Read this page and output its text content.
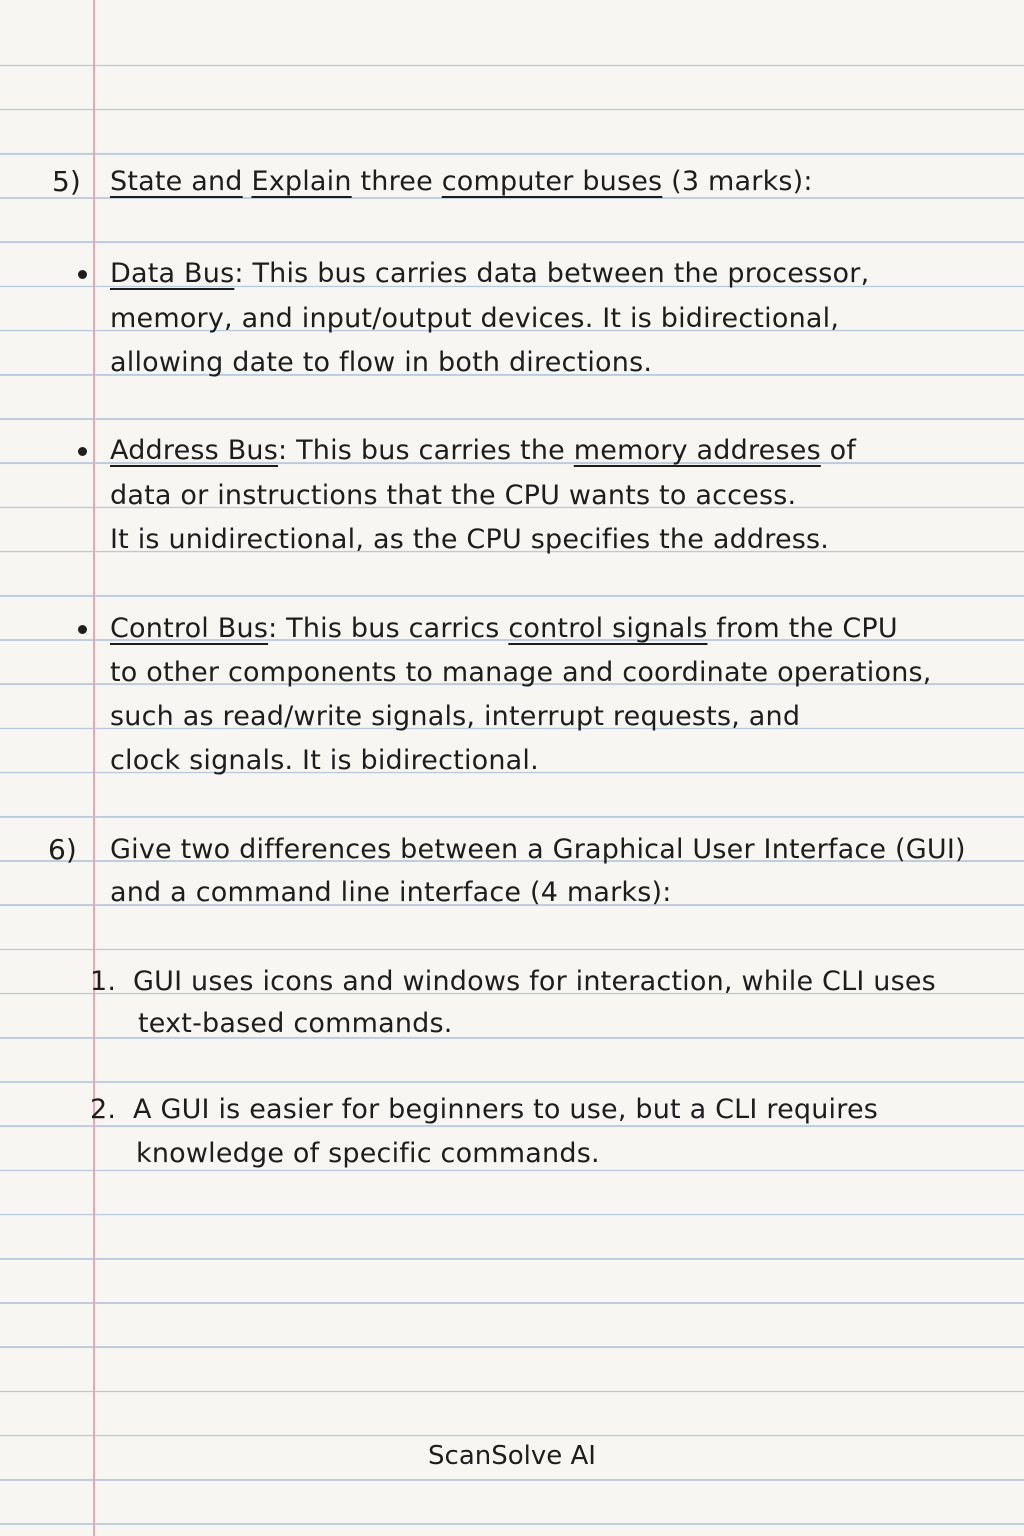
5) State and Explain three computer buses (3 marks):
Data Bus: This bus carries data between the processor,
memory, and input/output devices. It is bidirectional,
allowing date to flow in both directions.
Address Bus: This bus carries the memory addreses of
data or instructions that the CPU wants to access.
It is unidirectional, as the CPU specifies the address.
Control Bus: This bus carrics control signals from the CPU
to other components to manage and coordinate operations,
such as read/write signals, interrupt requests, and
clock signals. It is bidirectional.
6) Give two differences between a Graphical User Interface (GUI)
and a command line interface (4 marks):
1. GUI uses icons and windows for interaction, while CLI uses
text-based commands.
2. A GUI is easier for beginners to use, but a CLI requires
knowledge of specific commands.
ScanSolve AI
